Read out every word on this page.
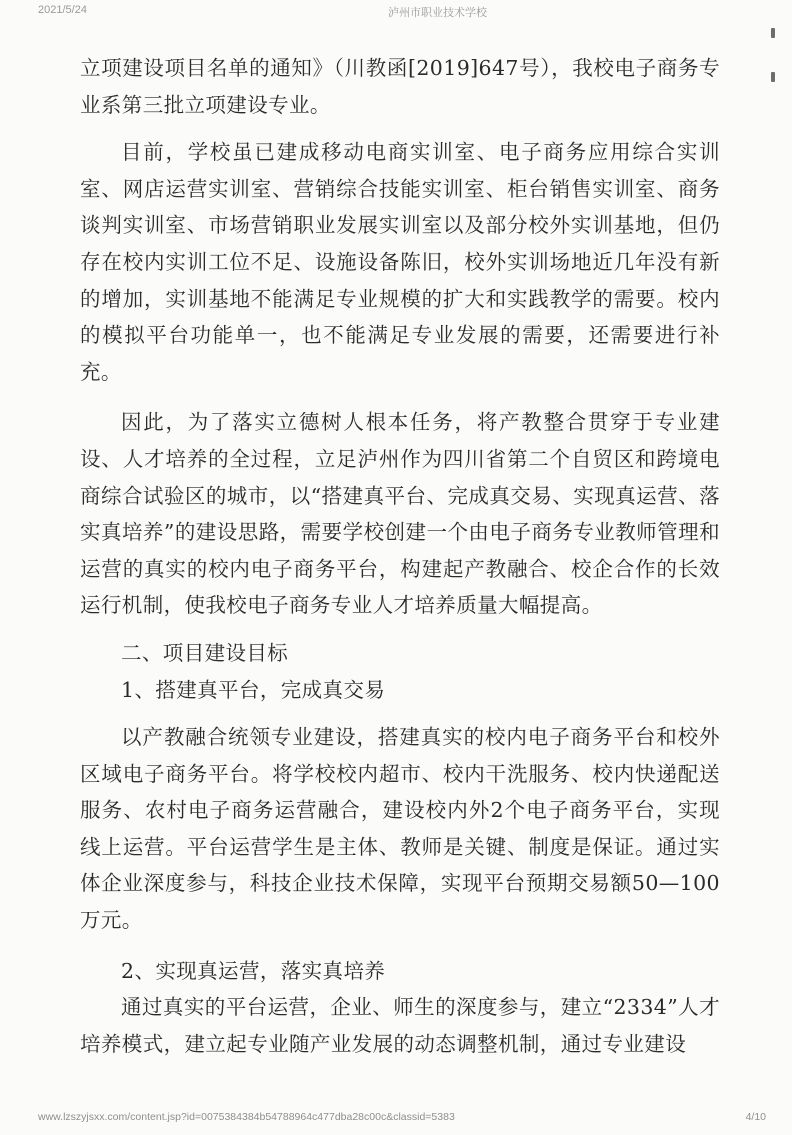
2021/5/24	泸州市职业技术学校

立项建设项目名单的通知》（川教函[2019]647号），我校电子商务专业系第三批立项建设专业。

目前，学校虽已建成移动电商实训室、电子商务应用综合实训室、网店运营实训室、营销综合技能实训室、柜台销售实训室、商务谈判实训室、市场营销职业发展实训室以及部分校外实训基地，但仍存在校内实训工位不足、设施设备陈旧，校外实训场地近几年没有新的增加，实训基地不能满足专业规模的扩大和实践教学的需要。校内的模拟平台功能单一，也不能满足专业发展的需要，还需要进行补充。

因此，为了落实立德树人根本任务，将产教整合贯穿于专业建设、人才培养的全过程，立足泸州作为四川省第二个自贸区和跨境电商综合试验区的城市，以“搭建真平台、完成真交易、实现真运营、落实真培养”的建设思路，需要学校创建一个由电子商务专业教师管理和运营的真实的校内电子商务平台，构建起产教融合、校企合作的长效运行机制，使我校电子商务专业人才培养质量大幅提高。

二、项目建设目标

1、搭建真平台，完成真交易

以产教融合统领专业建设，搭建真实的校内电子商务平台和校外区域电子商务平台。将学校校内超市、校内干洗服务、校内快递配送服务、农村电子商务运营融合，建设校内外2个电子商务平台，实现线上运营。平台运营学生是主体、教师是关键、制度是保证。通过实体企业深度参与，科技企业技术保障，实现平台预期交易额50—100万元。

2、实现真运营，落实真培养

通过真实的平台运营，企业、师生的深度参与，建立“2334”人才培养模式，建立起专业随产业发展的动态调整机制，通过专业建设

www.lzszyjsxx.com/content.jsp?id=0075384384b54788964c477dba28c00c&classid=5383	4/10
